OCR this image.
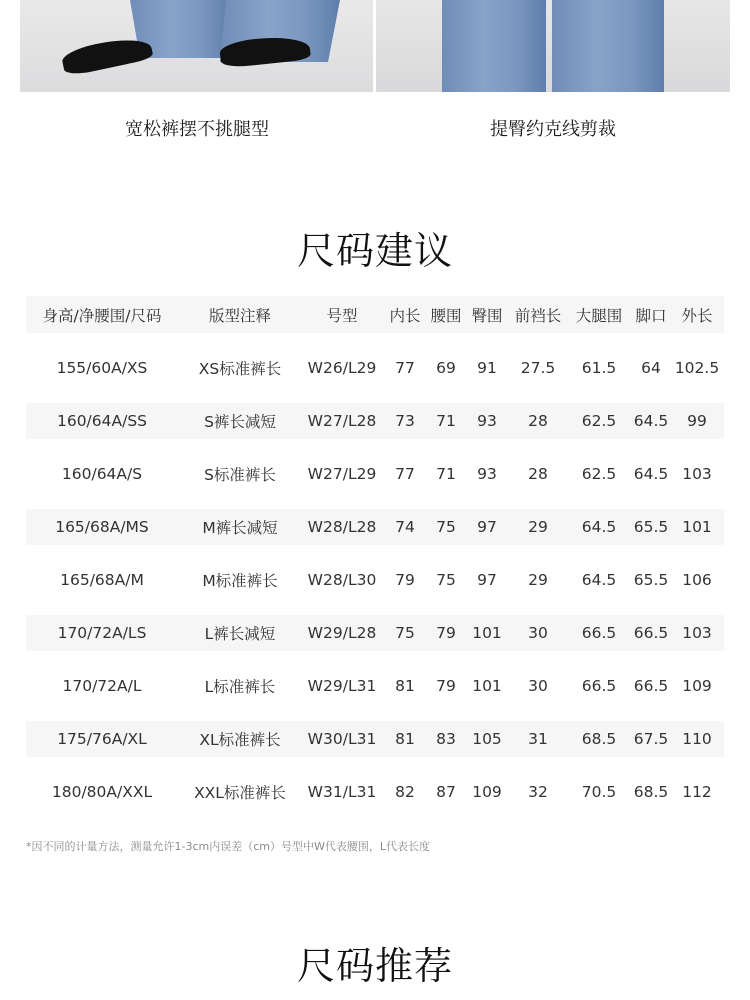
宽松裤摆不挑腿型	提臀约克线剪裁
尺码建议
身高/净腰围/尺码	版型注释	号型	内长 腰围 臀围 前裆长 大腿围 脚口 外长
155/60A/XS	XS标准裤长	W26/L29	77	69	91	27.5	61.5	64 102.5
160/64A/SS	S裤长减短	W27/L28	73	71	93	28	62.5	64.5	99
160/64A/S	S标准裤长	W27/L29	77	71	93	28	62.5	64.5 103
165/68A/MS	M裤长减短	W28/L28	74	75	97	29	64.5	65.5 101
165/68A/M	M标准裤长	W28/L30	79	75	97	29	64.5	65.5 106
170/72A/LS	L裤长减短	W29/L28	75	79	101	30	66.5	66.5 103
170/72A/L	L标准裤长	W29/L31	81	79	101	30	66.5	66.5 109
175/76A/XL	XL标准裤长	W30/L31	81	83	105	31	68.5	67.5 110
180/80A/XXL	XXL标准裤长	W31/L31	82	87	109	32	70.5	68.5 112
*因不同的计量方法，测量允许1-3cm内误差（cm）号型中W代表腰围，L代表长度
尺码推荐
